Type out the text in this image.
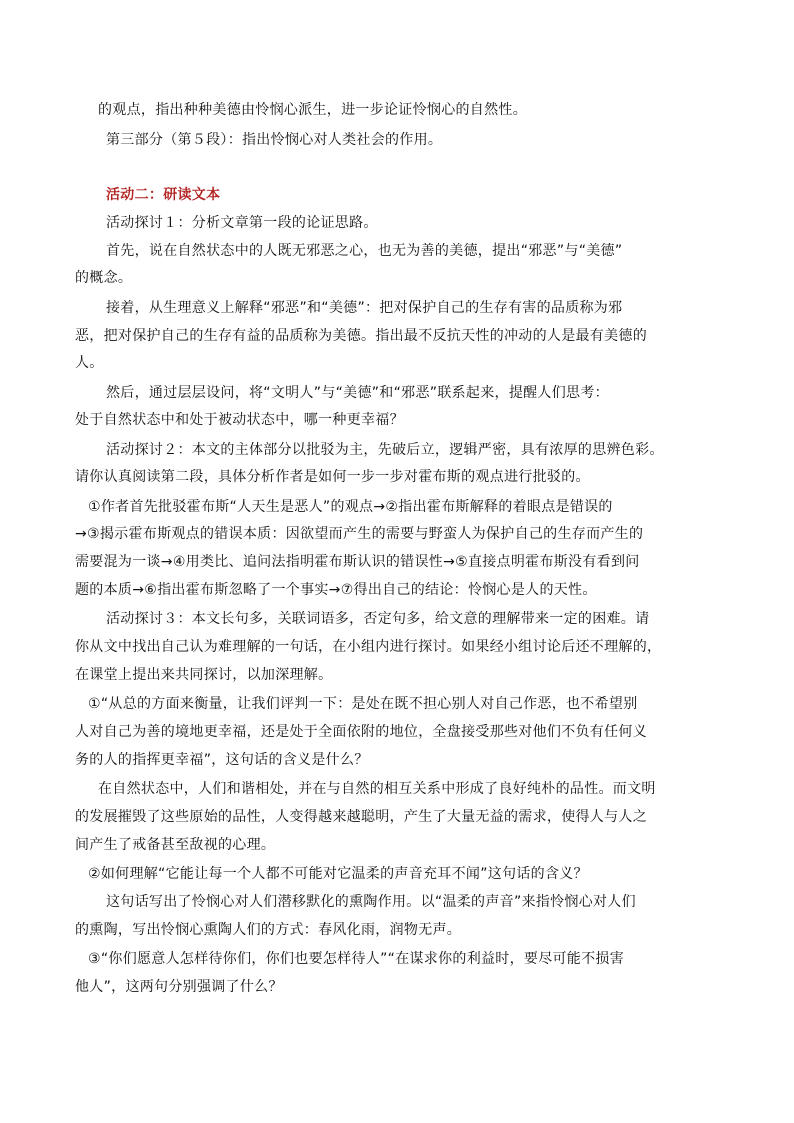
的观点，指出种种美德由怜悯心派生，进一步论证怜悯心的自然性。
第三部分（第５段）：指出怜悯心对人类社会的作用。
活动二：研读文本
活动探讨１：分析文章第一段的论证思路。
首先，说在自然状态中的人既无邪恶之心，也无为善的美德，提出“邪恶”与“美德”
的概念。
接着，从生理意义上解释“邪恶”和“美德”：把对保护自己的生存有害的品质称为邪
恶，把对保护自己的生存有益的品质称为美德。指出最不反抗天性的冲动的人是最有美德的
人。
然后，通过层层设问，将“文明人”与“美德”和“邪恶”联系起来，提醒人们思考：
处于自然状态中和处于被动状态中，哪一种更幸福？
活动探讨２：本文的主体部分以批驳为主，先破后立，逻辑严密，具有浓厚的思辨色彩。
请你认真阅读第二段，具体分析作者是如何一步一步对霍布斯的观点进行批驳的。
①作者首先批驳霍布斯“人天生是恶人”的观点→②指出霍布斯解释的着眼点是错误的
→③揭示霍布斯观点的错误本质：因欲望而产生的需要与野蛮人为保护自己的生存而产生的
需要混为一谈→④用类比、追问法指明霍布斯认识的错误性→⑤直接点明霍布斯没有看到问
题的本质→⑥指出霍布斯忽略了一个事实→⑦得出自己的结论：怜悯心是人的天性。
活动探讨３：本文长句多，关联词语多，否定句多，给文意的理解带来一定的困难。请
你从文中找出自己认为难理解的一句话，在小组内进行探讨。如果经小组讨论后还不理解的，
在课堂上提出来共同探讨，以加深理解。
①“从总的方面来衡量，让我们评判一下：是处在既不担心别人对自己作恶，也不希望别
人对自己为善的境地更幸福，还是处于全面依附的地位，全盘接受那些对他们不负有任何义
务的人的指挥更幸福”，这句话的含义是什么？
在自然状态中，人们和谐相处，并在与自然的相互关系中形成了良好纯朴的品性。而文明
的发展摧毁了这些原始的品性，人变得越来越聪明，产生了大量无益的需求，使得人与人之
间产生了戒备甚至敌视的心理。
②如何理解“它能让每一个人都不可能对它温柔的声音充耳不闻”这句话的含义？
这句话写出了怜悯心对人们潜移默化的熏陶作用。以“温柔的声音”来指怜悯心对人们
的熏陶，写出怜悯心熏陶人们的方式：春风化雨，润物无声。
③“你们愿意人怎样待你们，你们也要怎样待人”“在谋求你的利益时，要尽可能不损害
他人”，这两句分别强调了什么？
